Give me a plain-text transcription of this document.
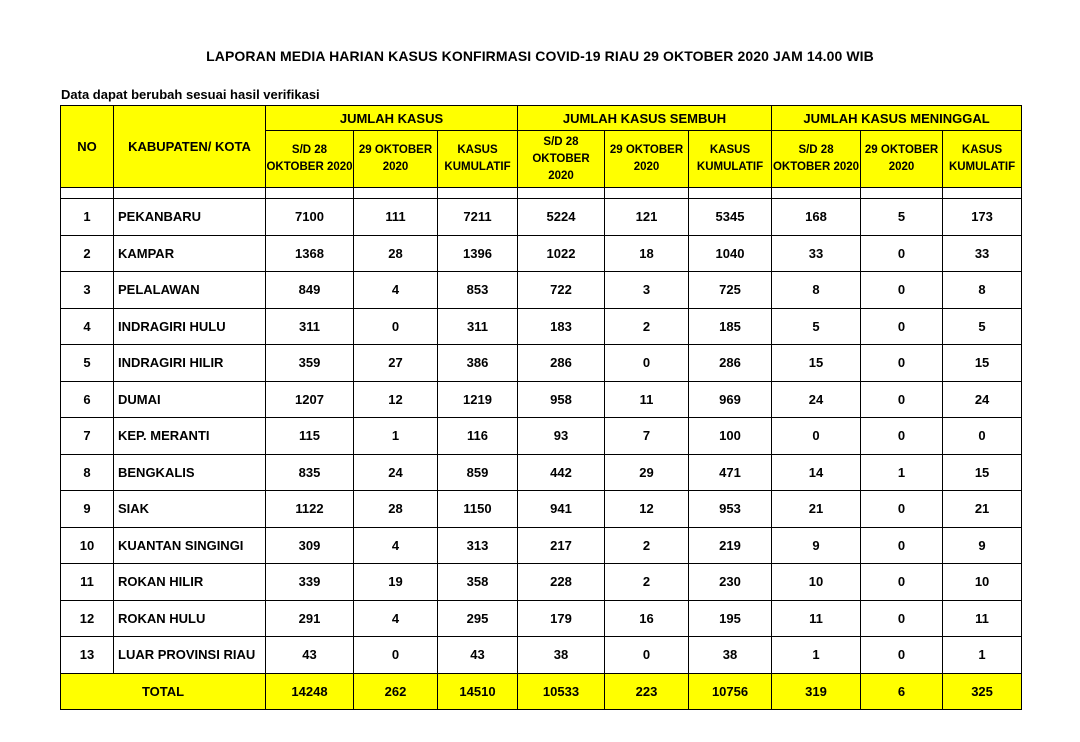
LAPORAN MEDIA HARIAN KASUS KONFIRMASI COVID-19 RIAU 29 OKTOBER 2020 JAM 14.00 WIB
Data dapat berubah sesuai hasil verifikasi
NO	KABUPATEN/ KOTA	JUMLAH KASUS			JUMLAH KASUS SEMBUH			JUMLAH KASUS MENINGGAL		
		S/D 28 OKTOBER 2020	29 OKTOBER 2020	KASUS KUMULATIF	S/D 28 OKTOBER 2020	29 OKTOBER 2020	KASUS KUMULATIF	S/D 28 OKTOBER 2020	29 OKTOBER 2020	KASUS KUMULATIF

1	PEKANBARU	7100	111	7211	5224	121	5345	168	5	173
2	KAMPAR	1368	28	1396	1022	18	1040	33	0	33
3	PELALAWAN	849	4	853	722	3	725	8	0	8
4	INDRAGIRI HULU	311	0	311	183	2	185	5	0	5
5	INDRAGIRI HILIR	359	27	386	286	0	286	15	0	15
6	DUMAI	1207	12	1219	958	11	969	24	0	24
7	KEP. MERANTI	115	1	116	93	7	100	0	0	0
8	BENGKALIS	835	24	859	442	29	471	14	1	15
9	SIAK	1122	28	1150	941	12	953	21	0	21
10	KUANTAN SINGINGI	309	4	313	217	2	219	9	0	9
11	ROKAN HILIR	339	19	358	228	2	230	10	0	10
12	ROKAN HULU	291	4	295	179	16	195	11	0	11
13	LUAR PROVINSI RIAU	43	0	43	38	0	38	1	0	1
TOTAL		14248	262	14510	10533	223	10756	319	6	325
